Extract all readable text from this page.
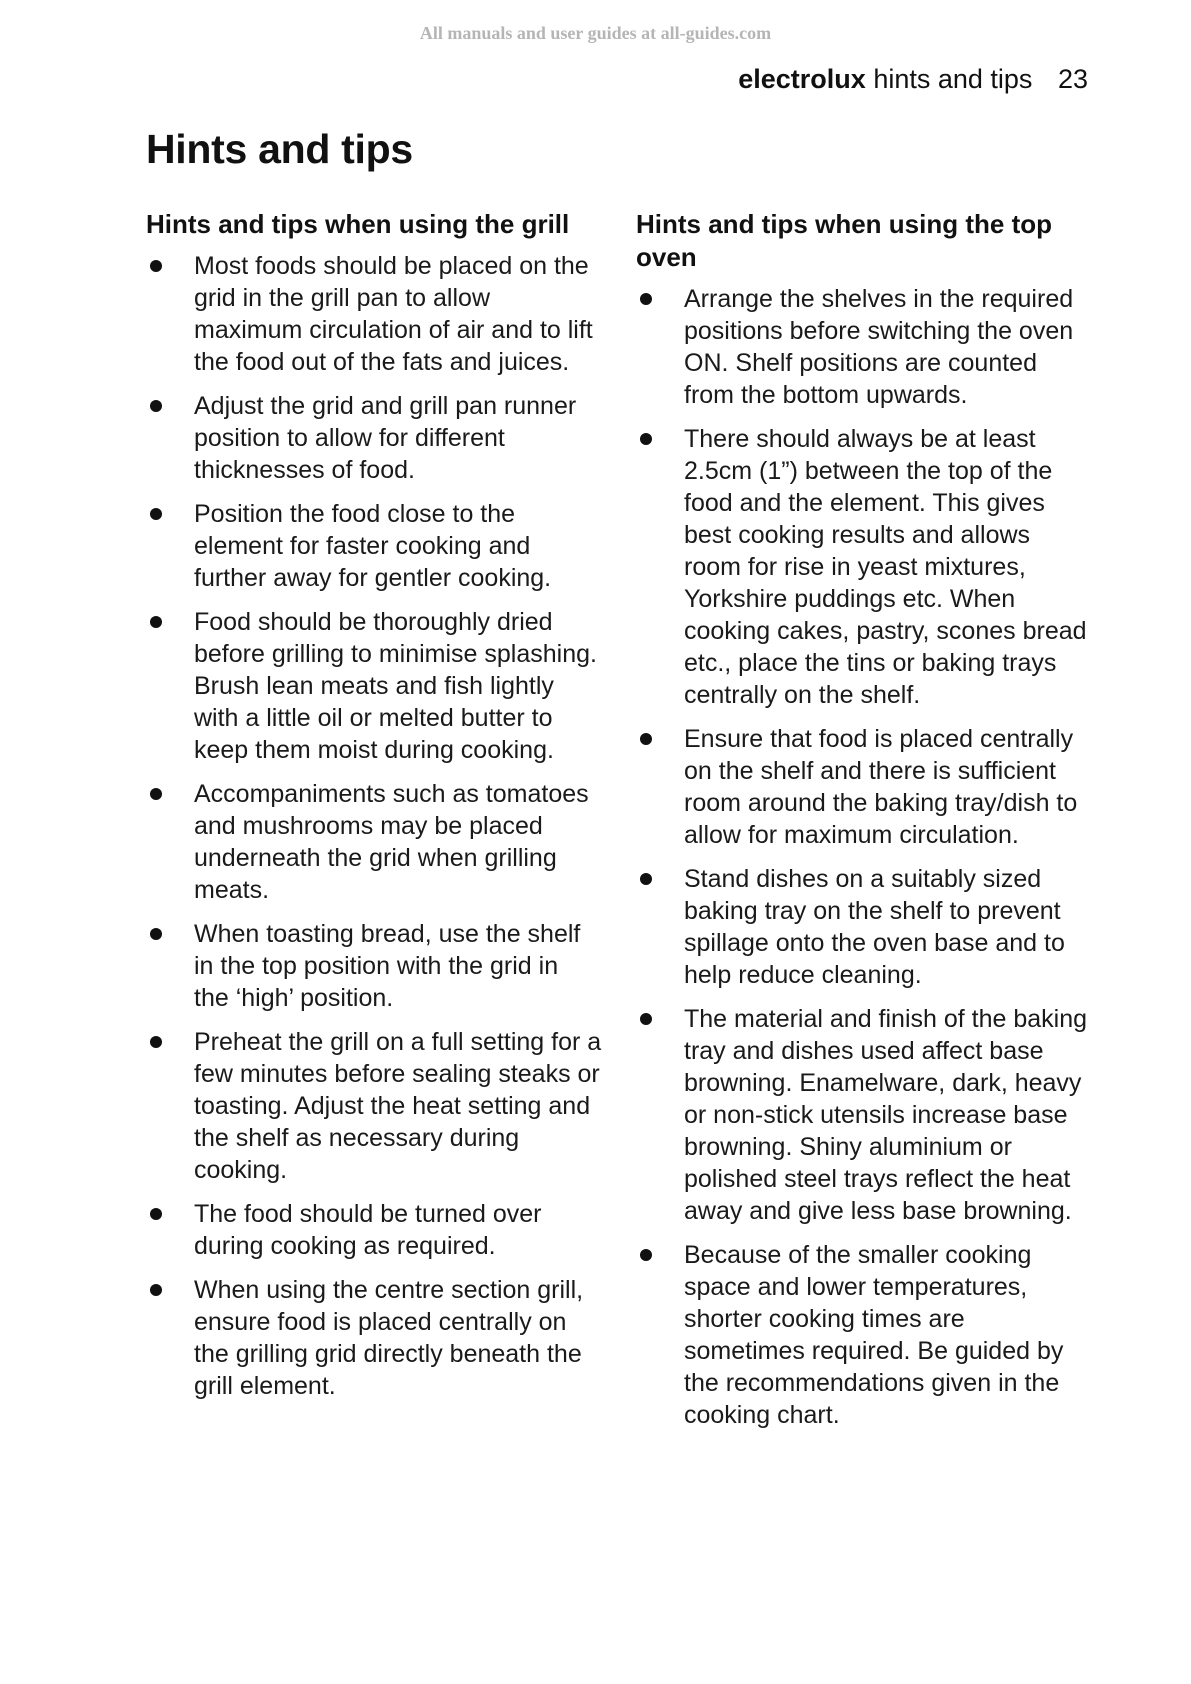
All manuals and user guides at all-guides.com
electrolux hints and tips 23
Hints and tips
Hints and tips when using the grill
Most foods should be placed on the
grid in the grill pan to allow
maximum circulation of air and to lift
the food out of the fats and juices.
Adjust the grid and grill pan runner
position to allow for different
thicknesses of food.
Position the food close to the
element for faster cooking and
further away for gentler cooking.
Food should be thoroughly dried
before grilling to minimise splashing.
Brush lean meats and fish lightly
with a little oil or melted butter to
keep them moist during cooking.
Accompaniments such as tomatoes
and mushrooms may be placed
underneath the grid when grilling
meats.
When toasting bread, use the shelf
in the top position with the grid in
the ‘high’ position.
Preheat the grill on a full setting for a
few minutes before sealing steaks or
toasting. Adjust the heat setting and
the shelf as necessary during
cooking.
The food should be turned over
during cooking as required.
When using the centre section grill,
ensure food is placed centrally on
the grilling grid directly beneath the
grill element.
Hints and tips when using the top
oven
Arrange the shelves in the required
positions before switching the oven
ON. Shelf positions are counted
from the bottom upwards.
There should always be at least
2.5cm (1”) between the top of the
food and the element. This gives
best cooking results and allows
room for rise in yeast mixtures,
Yorkshire puddings etc. When
cooking cakes, pastry, scones bread
etc., place the tins or baking trays
centrally on the shelf.
Ensure that food is placed centrally
on the shelf and there is sufficient
room around the baking tray/dish to
allow for maximum circulation.
Stand dishes on a suitably sized
baking tray on the shelf to prevent
spillage onto the oven base and to
help reduce cleaning.
The material and finish of the baking
tray and dishes used affect base
browning. Enamelware, dark, heavy
or non-stick utensils increase base
browning. Shiny aluminium or
polished steel trays reflect the heat
away and give less base browning.
Because of the smaller cooking
space and lower temperatures,
shorter cooking times are
sometimes required. Be guided by
the recommendations given in the
cooking chart.
